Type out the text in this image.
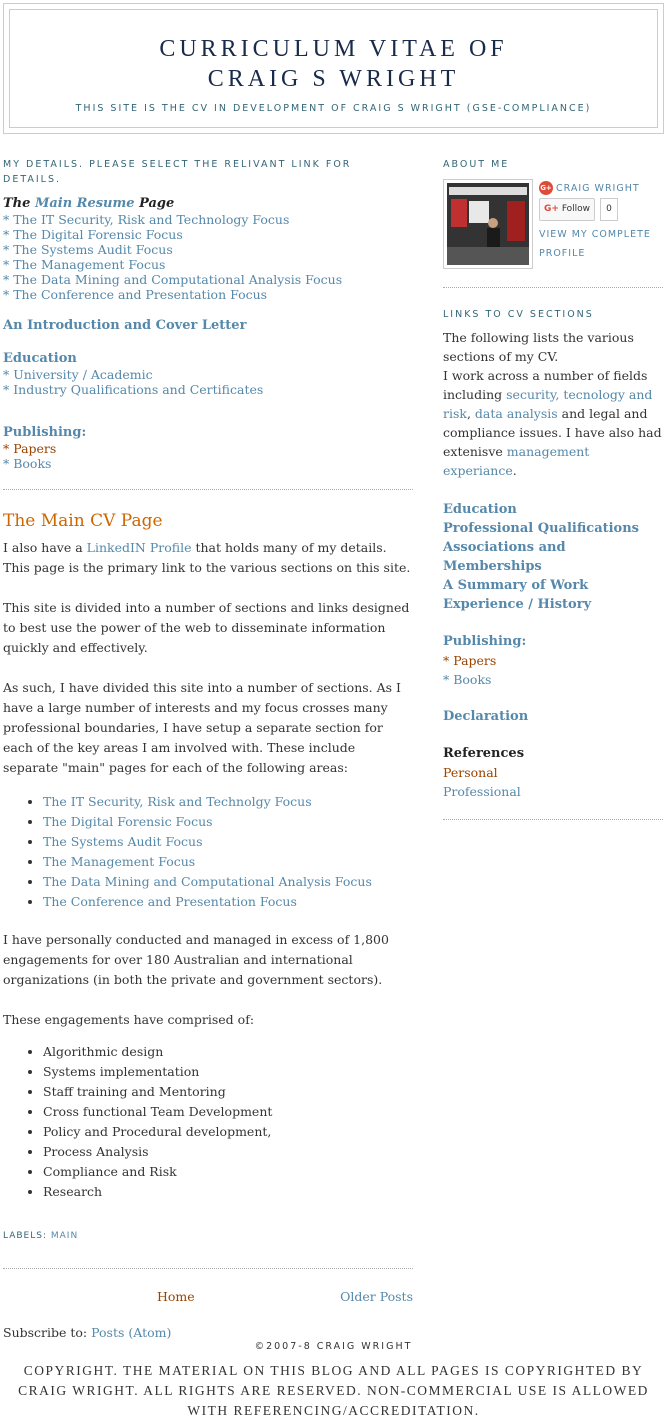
CURRICULUM VITAE OF
CRAIG S WRIGHT
THIS SITE IS THE CV IN DEVELOPMENT OF CRAIG S WRIGHT (GSE-COMPLIANCE)
MY DETAILS. PLEASE SELECT THE RELIVANT LINK FOR DETAILS.
The Main Resume Page
* The IT Security, Risk and Technology Focus
* The Digital Forensic Focus
* The Systems Audit Focus
* The Management Focus
* The Data Mining and Computational Analysis Focus
* The Conference and Presentation Focus
An Introduction and Cover Letter
Education
* University / Academic
* Industry Qualifications and Certificates
Publishing:
* Papers
* Books
The Main CV Page

I also have a LinkedIN Profile that holds many of my details. This page is the primary link to the various sections on this site.

This site is divided into a number of sections and links designed to best use the power of the web to disseminate information quickly and effectively.

As such, I have divided this site into a number of sections. As I have a large number of interests and my focus crosses many professional boundaries, I have setup a separate section for each of the key areas I am involved with. These include separate "main" pages for each of the following areas:

• The IT Security, Risk and Technolgy Focus
• The Digital Forensic Focus
• The Systems Audit Focus
• The Management Focus
• The Data Mining and Computational Analysis Focus
• The Conference and Presentation Focus

I have personally conducted and managed in excess of 1,800 engagements for over 180 Australian and international organizations (in both the private and government sectors).

These engagements have comprised of:

• Algorithmic design
• Systems implementation
• Staff training and Mentoring
• Cross functional Team Development
• Policy and Procedural development,
• Process Analysis
• Compliance and Risk
• Research
LABELS: MAIN
Home	Older Posts
Subscribe to: Posts (Atom)
ABOUT ME
G+ CRAIG WRIGHT
G+ Follow 0
VIEW MY COMPLETE PROFILE
LINKS TO CV SECTIONS

The following lists the various sections of my CV.

I work across a number of fields including security, tecnology and risk, data analysis and legal and compliance issues. I have also had extenisve management experiance.

Education
Professional Qualifications
Associations and Memberships
A Summary of Work Experience / History
Publishing:
* Papers
* Books
Declaration
References
Personal
Professional
©2007-8 CRAIG WRIGHT
COPYRIGHT. THE MATERIAL ON THIS BLOG AND ALL PAGES IS COPYRIGHTED BY CRAIG WRIGHT. ALL RIGHTS ARE RESERVED. NON-COMMERCIAL USE IS ALLOWED WITH REFERENCING/ACCREDITATION.
